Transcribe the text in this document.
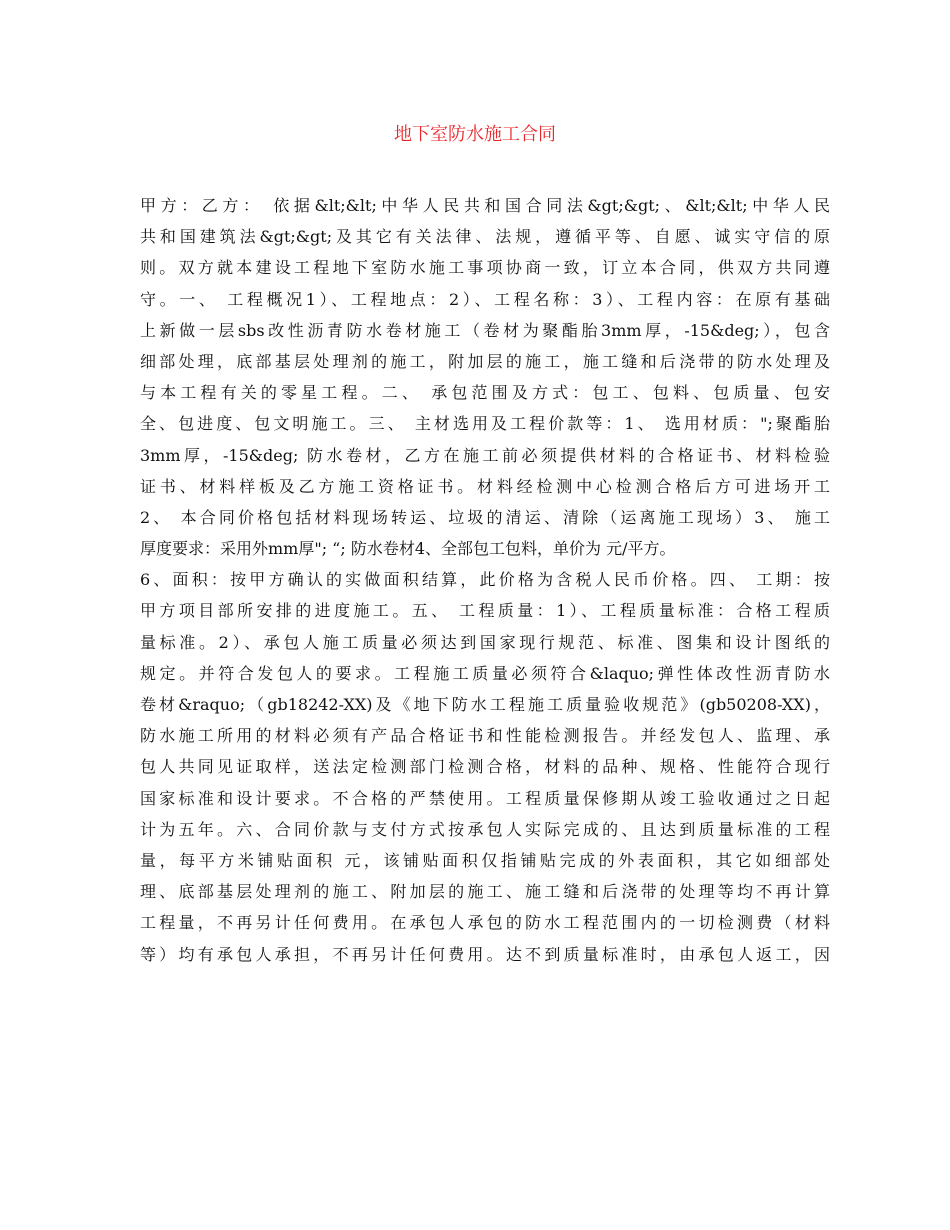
地下室防水施工合同
甲方：乙方： 依据&lt;&lt;中华人民共和国合同法&gt;&gt;、&lt;&lt;中华人民
共和国建筑法&gt;&gt;及其它有关法律、法规，遵循平等、自愿、诚实守信的原
则。双方就本建设工程地下室防水施工事项协商一致，订立本合同，供双方共同遵
守。一、 工程概况1）、工程地点：2）、工程名称：3）、工程内容：在原有基础
上新做一层sbs改性沥青防水卷材施工（卷材为聚酯胎3mm厚，-15&deg;），包含
细部处理，底部基层处理剂的施工，附加层的施工，施工缝和后浇带的防水处理及
与本工程有关的零星工程。二、 承包范围及方式：包工、包料、包质量、包安
全、包进度、包文明施工。三、 主材选用及工程价款等：1、 选用材质：";聚酯胎
3mm厚，-15&deg; 防水卷材，乙方在施工前必须提供材料的合格证书、材料检验
证书、材料样板及乙方施工资格证书。材料经检测中心检测合格后方可进场开工
2、 本合同价格包括材料现场转运、垃圾的清运、清除（运离施工现场）3、 施工
厚度要求：采用外mm厚"; “; 防水卷材4、全部包工包料，单价为 元/平方。
6、面积：按甲方确认的实做面积结算，此价格为含税人民币价格。四、 工期：按
甲方项目部所安排的进度施工。五、 工程质量：1）、工程质量标准：合格工程质
量标准。2）、承包人施工质量必须达到国家现行规范、标准、图集和设计图纸的
规定。并符合发包人的要求。工程施工质量必须符合&laquo;弹性体改性沥青防水
卷材&raquo;（gb18242-XX)及《地下防水工程施工质量验收规范》(gb50208-XX)，
防水施工所用的材料必须有产品合格证书和性能检测报告。并经发包人、监理、承
包人共同见证取样，送法定检测部门检测合格，材料的品种、规格、性能符合现行
国家标准和设计要求。不合格的严禁使用。工程质量保修期从竣工验收通过之日起
计为五年。六、合同价款与支付方式按承包人实际完成的、且达到质量标准的工程
量，每平方米铺贴面积 元，该铺贴面积仅指铺贴完成的外表面积，其它如细部处
理、底部基层处理剂的施工、附加层的施工、施工缝和后浇带的处理等均不再计算
工程量，不再另计任何费用。在承包人承包的防水工程范围内的一切检测费（材料
等）均有承包人承担，不再另计任何费用。达不到质量标准时，由承包人返工，因
